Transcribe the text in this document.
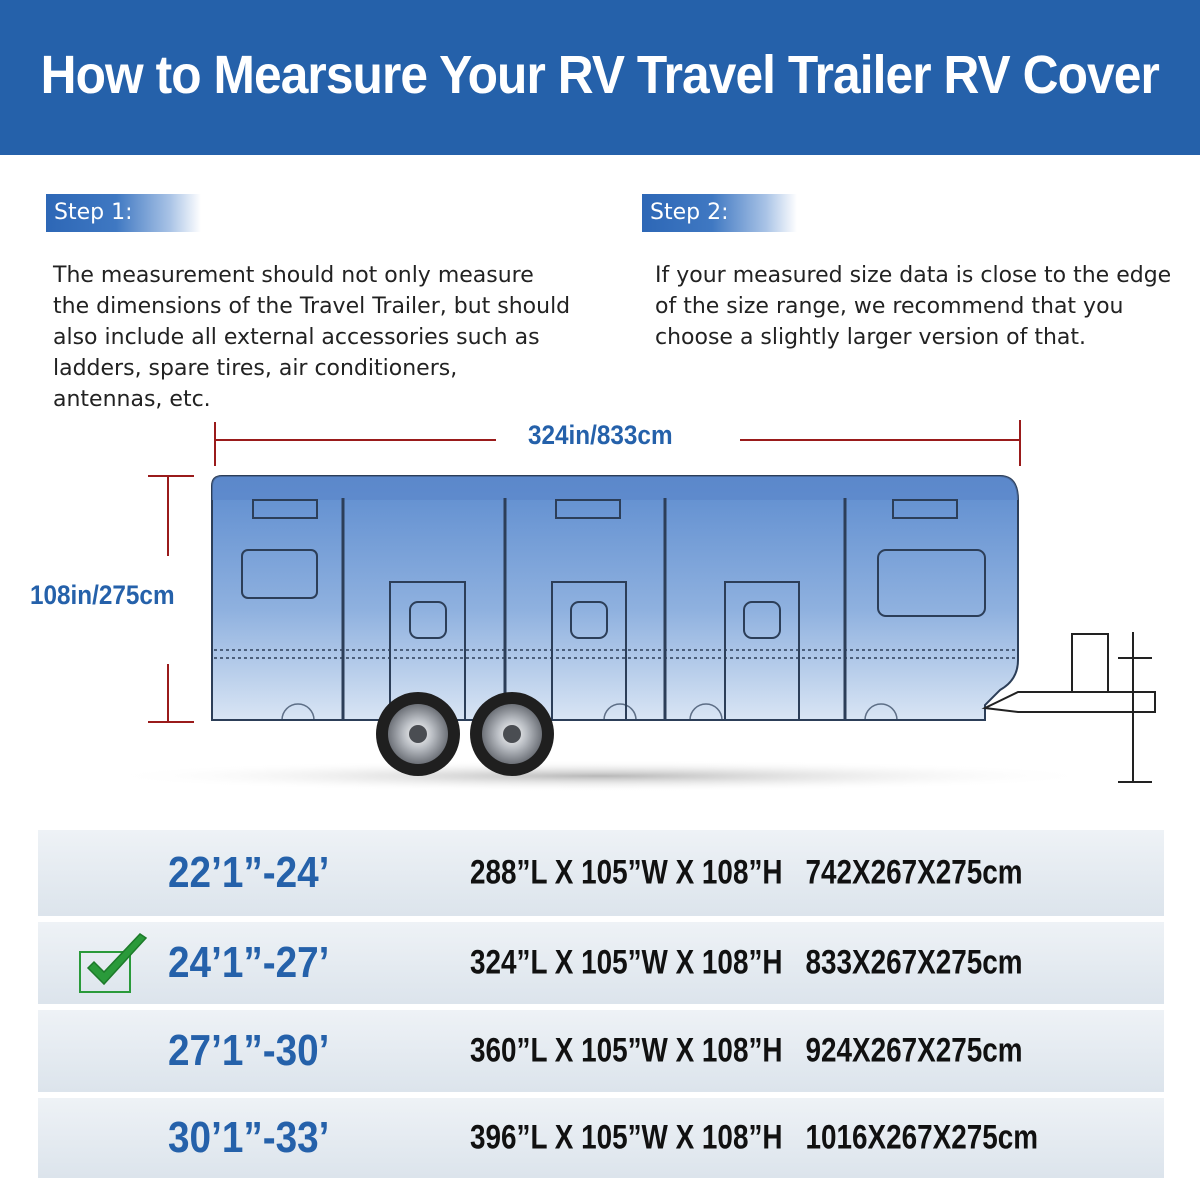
How to Mearsure Your RV Travel Trailer RV Cover
Step 1:
The measurement should not only measure the dimensions of the Travel Trailer, but should also include all external accessories such as ladders, spare tires, air conditioners, antennas, etc.
Step 2:
If your measured size data is close to the edge of the size range, we recommend that you choose a slightly larger version of that.
324in/833cm
108in/275cm
22’1”-24’	288”L X 105”W X 108”H 742X267X275cm
24’1”-27’	324”L X 105”W X 108”H 833X267X275cm
27’1”-30’	360”L X 105”W X 108”H 924X267X275cm
30’1”-33’	396”L X 105”W X 108”H 1016X267X275cm
